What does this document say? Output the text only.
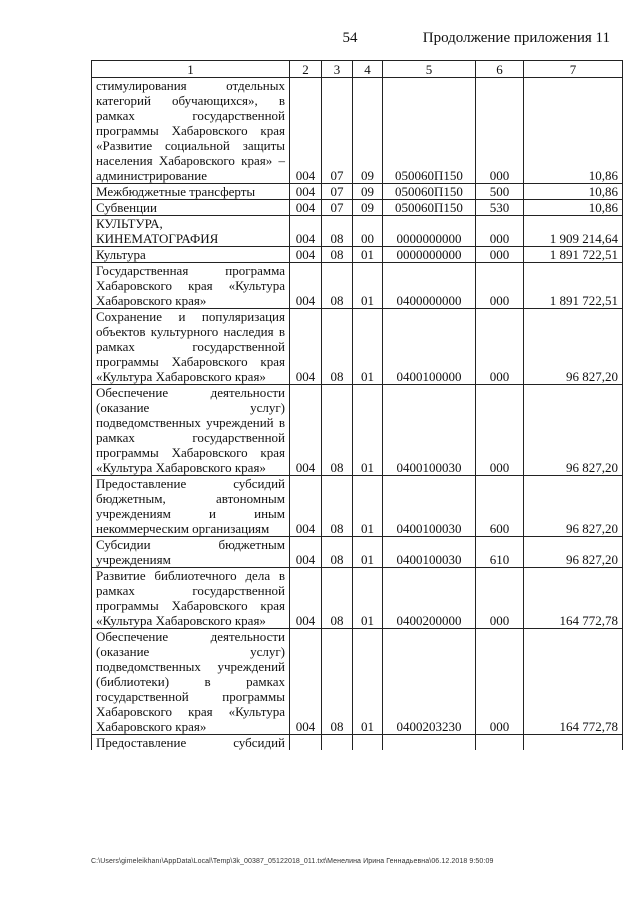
54	Продолжение приложения 11
1	2	3	4	5	6	7
стимулирования отдельных категорий обучающихся», в рамках государственной программы Хабаровского края «Развитие социальной защиты населения Хабаровского края» – администрирование	004	07	09	050060П150	000	10,86
Межбюджетные трансферты	004	07	09	050060П150	500	10,86
Субвенции	004	07	09	050060П150	530	10,86
КУЛЬТУРА, КИНЕМАТОГРАФИЯ	004	08	00	0000000000	000	1 909 214,64
Культура	004	08	01	0000000000	000	1 891 722,51
Государственная программа Хабаровского края «Культура Хабаровского края»	004	08	01	0400000000	000	1 891 722,51
Сохранение и популяризация объектов культурного наследия в рамках государственной программы Хабаровского края «Культура Хабаровского края»	004	08	01	0400100000	000	96 827,20
Обеспечение деятельности (оказание услуг) подведомственных учреждений в рамках государственной программы Хабаровского края «Культура Хабаровского края»	004	08	01	0400100030	000	96 827,20
Предоставление субсидий бюджетным, автономным учреждениям и иным некоммерческим организациям	004	08	01	0400100030	600	96 827,20
Субсидии бюджетным учреждениям	004	08	01	0400100030	610	96 827,20
Развитие библиотечного дела в рамках государственной программы Хабаровского края «Культура Хабаровского края»	004	08	01	0400200000	000	164 772,78
Обеспечение деятельности (оказание услуг) подведомственных учреждений (библиотеки) в рамках государственной программы Хабаровского края «Культура Хабаровского края»	004	08	01	0400203230	000	164 772,78
Предоставление субсидий						
C:\Users\gimeleikhanı\AppData\Local\Temp\3k_00387_05122018_011.txt\Менелина Ирина Геннадьевна\06.12.2018 9:50:09
